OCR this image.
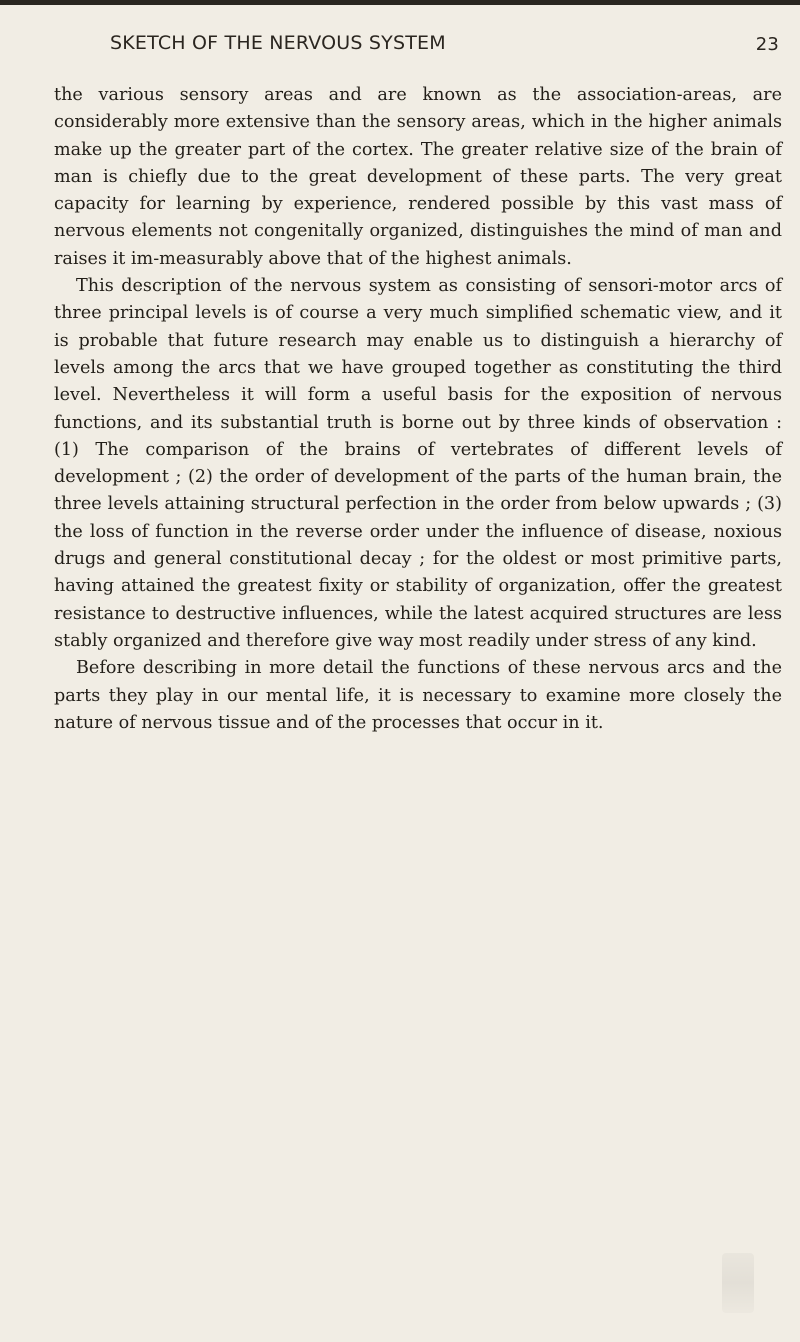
SKETCH OF THE NERVOUS SYSTEM	23

the various sensory areas and are known as the association-areas, are considerably more extensive than the sensory areas, which in the higher animals make up the greater part of the cortex. The greater relative size of the brain of man is chiefly due to the great development of these parts. The very great capacity for learning by experience, rendered possible by this vast mass of nervous elements not congenitally organized, distinguishes the mind of man and raises it im-measurably above that of the highest animals.

This description of the nervous system as consisting of sensori-motor arcs of three principal levels is of course a very much simplified schematic view, and it is probable that future research may enable us to distinguish a hierarchy of levels among the arcs that we have grouped together as constituting the third level. Nevertheless it will form a useful basis for the exposition of nervous functions, and its substantial truth is borne out by three kinds of observation : (1) The comparison of the brains of vertebrates of different levels of development ; (2) the order of development of the parts of the human brain, the three levels attaining structural perfection in the order from below upwards ; (3) the loss of function in the reverse order under the influence of disease, noxious drugs and general constitutional decay ; for the oldest or most primitive parts, having attained the greatest fixity or stability of organization, offer the greatest resistance to destructive influences, while the latest acquired structures are less stably organized and therefore give way most readily under stress of any kind.

Before describing in more detail the functions of these nervous arcs and the parts they play in our mental life, it is necessary to examine more closely the nature of nervous tissue and of the processes that occur in it.
